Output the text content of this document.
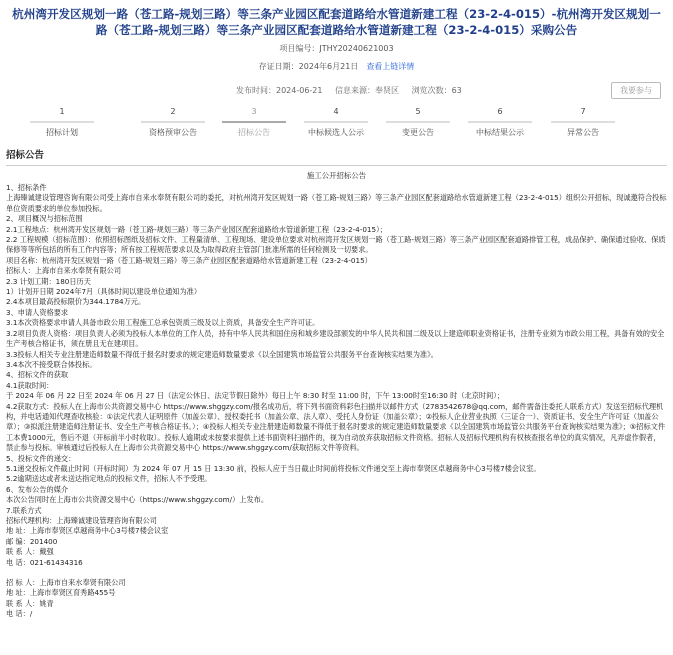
杭州湾开发区规划一路（苍工路-规划三路）等三条产业园区配套道路给水管道新建工程（23-2-4-015）-杭州湾开发区规划一路（苍工路-规划三路）等三条产业园区配套道路给水管道新建工程（23-2-4-015）采购公告
项目编号：JTHY20240621003
存证日期：2024年6月21日 查看上链详情
发布时间：2024-06-21 信息来源：奉贤区 浏览次数：63	我要参与
1
招标计划
2
资格预审公告
3
招标公告
4
中标候选人公示
5
变更公告
6
中标结果公示
7
异常公告
招标公告
施工公开招标公告

1、招标条件

上海臻诚建设管理咨询有限公司受上海市自来水奉贤有限公司的委托，对杭州湾开发区规划一路（苍工路-规划三路）等三条产业园区配套道路给水管道新建工程（23-2-4-015）组织公开招标，现诚邀符合投标单位资质要求的单位参加投标。

2、项目概况与招标范围

2.1工程地点：杭州湾开发区规划一路（苍工路-规划三路）等三条产业园区配套道路给水管道新建工程（23-2-4-015）；

2.2 工程规模（招标范围）：依照招标图纸及招标文件、工程量清单、工程现场、建设单位要求对杭州湾开发区规划一路（苍工路-规划三路）等三条产业园区配套道路排管工程，成品保护、确保通过验收、保质保修等等所包括的所有工作内容等；所有按工程规范要求以及为取得政府主管部门批准所需的任何检测及一切要求。

项目名称：杭州湾开发区规划一路（苍工路-规划三路）等三条产业园区配套道路给水管道新建工程（23-2-4-015）

招标人：上海市自来水奉贤有限公司

2.3 计划工期：180日历天

1）计划开日期 2024年7月（具体时间以建设单位通知为准）

2.4本项目最高投标限价为344.1784万元。

3、申请人资格要求

3.1本次资格要求申请人具备市政公用工程施工总承包资质三级及以上资质，具备安全生产许可证。

3.2项目负责人资格：项目负责人必须为投标人本单位的工作人员，持有中华人民共和国住房和城乡建设部颁发的中华人民共和国二级及以上建造师职业资格证书，注册专业须为市政公用工程，具备有效的安全生产考核合格证书，须在册且无在建项目。

3.3投标人相关专业注册建造师数量不得低于报名时要求的规定建造师数量要求《以全国建筑市场监管公共服务平台查询核实结果为准》。

3.4本次不接受联合体投标。

4、招标文件的获取

4.1获取时间：

于 2024 年 06 月 22 日至 2024 年 06 月 27 日（法定公休日、法定节假日除外）每日上午 8:30 时至 11:00 时，下午 13:00时至16:30 时（北京时间）；

4.2获取方式：投标人在上海市公共资源交易中心 https://www.shggzy.com/报名成功后，将下列书面资料彩色扫描并以邮件方式（2783542678@qq.com，邮件需备注委托人联系方式）发送至招标代理机构，并电话通知代理查收核验：①法定代表人证明原件（加盖公章）、授权委托书（加盖公章、法人章）、受托人身份证（加盖公章）；②投标人企业营业执照（三证合一）、资质证书、安全生产许可证（加盖公章）；③拟派注册建造师注册证书、安全生产考核合格证书。）；④投标人相关专业注册建造师数量不得低于报名时要求的规定建造师数量要求《以全国建筑市场监管公共服务平台查询核实结果为准》；⑤招标文件工本费1000元，售后不退（开标前半小时收取）。投标人逾期或未按要求提供上述书面资料扫描件的，视为自动放弃获取招标文件资格。招标人及招标代理机构有权核查报名单位的真实情况，凡弄虚作假者，禁止参与投标。审核通过后投标人在上海市公共资源交易中心 https://www.shggzy.com/获取招标文件等资料。

5、投标文件的递交：

5.1递交投标文件截止时间（开标时间）为 2024 年 07 月 15 日 13:30 前，投标人应于当日截止时间前将投标文件递交至上海市奉贤区卓越商务中心3号楼7楼会议室。

5.2逾期送达或者未送达指定地点的投标文件，招标人不予受理。

6、发布公告的媒介

本次公告同时在上海市公共资源交易中心（https://www.shggzy.com/）上发布。

7.联系方式

招标代理机构：上海臻诚建设管理咨询有限公司

地 址：上海市奉贤区卓越商务中心3号楼7楼会议室

邮 编：201400

联 系 人：戴强

电 话：021-61434316

招 标 人：上海市自来水奉贤有限公司

地 址：上海市奉贤区育秀路455号

联 系 人：姚青

电 话：/
